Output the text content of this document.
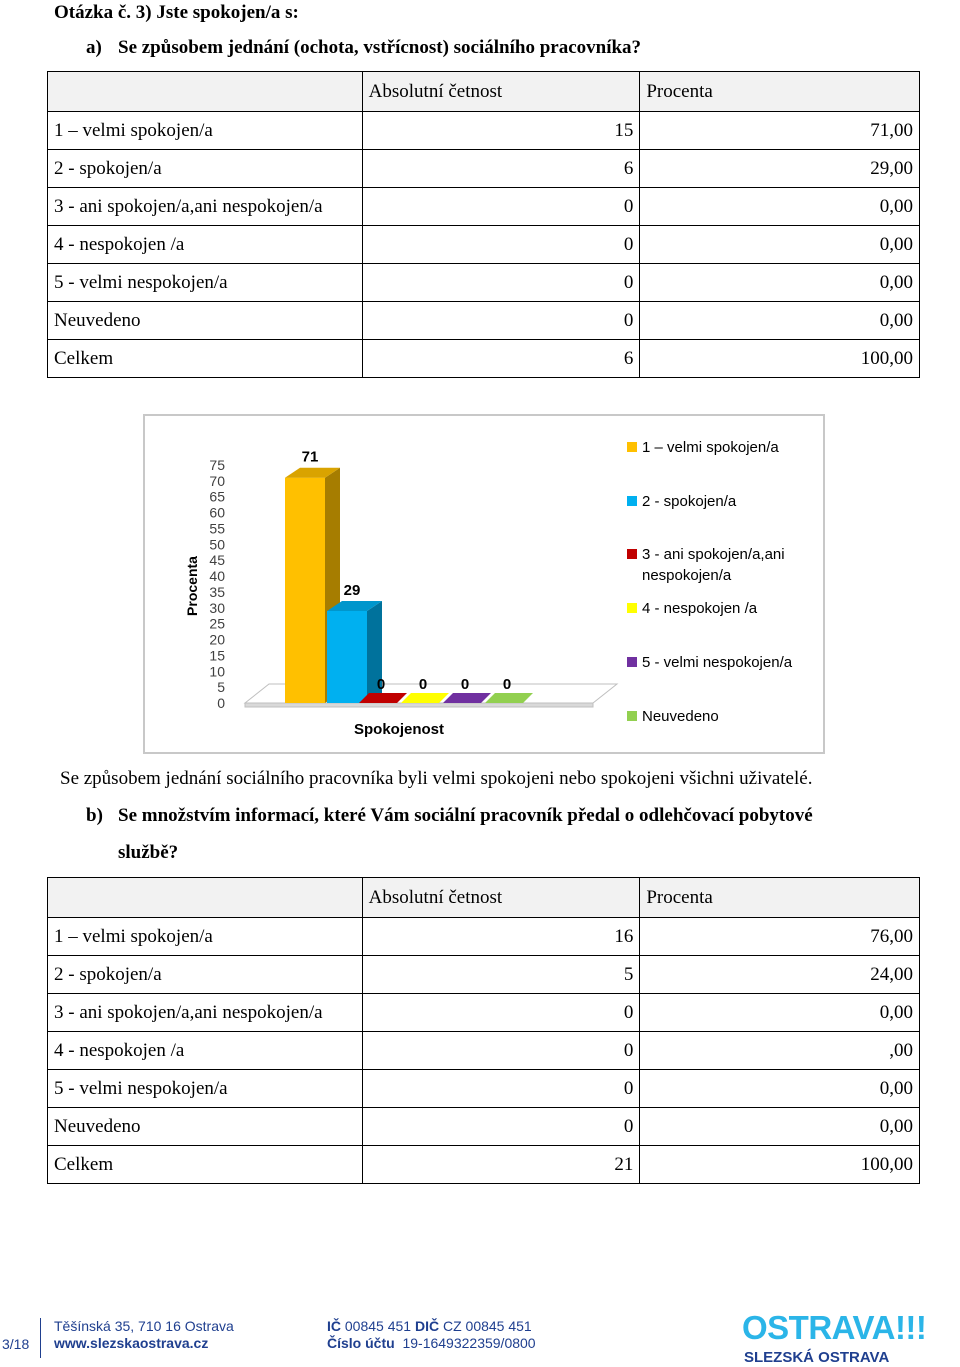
Otázka č. 3) Jste spokojen/a s:
a) Se způsobem jednání (ochota, vstřícnost) sociálního pracovníka?
	Absolutní četnost	Procenta
1 – velmi spokojen/a	15	71,00
2 - spokojen/a	6	29,00
3 - ani spokojen/a,ani nespokojen/a	0	0,00
4 - nespokojen /a	0	0,00
5 - velmi nespokojen/a	0	0,00
Neuvedeno	0	0,00
Celkem	6	100,00
0
5
10
15
20
25
30
35
40
45
50
55
60
65
70
75
Procenta
71
29
0 0 0 0
Spokojenost
1 – velmi spokojen/a
2 - spokojen/a
3 - ani spokojen/a,ani
nespokojen/a
4 - nespokojen /a
5 - velmi nespokojen/a
Neuvedeno
Se způsobem jednání sociálního pracovníka byli velmi spokojeni nebo spokojeni všichni uživatelé.
b) Se množstvím informací, které Vám sociální pracovník předal o odlehčovací pobytové
službě?
	Absolutní četnost	Procenta
1 – velmi spokojen/a	16	76,00
2 - spokojen/a	5	24,00
3 - ani spokojen/a,ani nespokojen/a	0	0,00
4 - nespokojen /a	0	,00
5 - velmi nespokojen/a	0	0,00
Neuvedeno	0	0,00
Celkem	21	100,00
3/18
Těšínská 35, 710 16 Ostrava
www.slezskaostrava.cz
IČ 00845 451 DIČ CZ 00845 451
Číslo účtu 19-1649322359/0800	OSTRAVA!!!
SLEZSKÁ OSTRAVA
